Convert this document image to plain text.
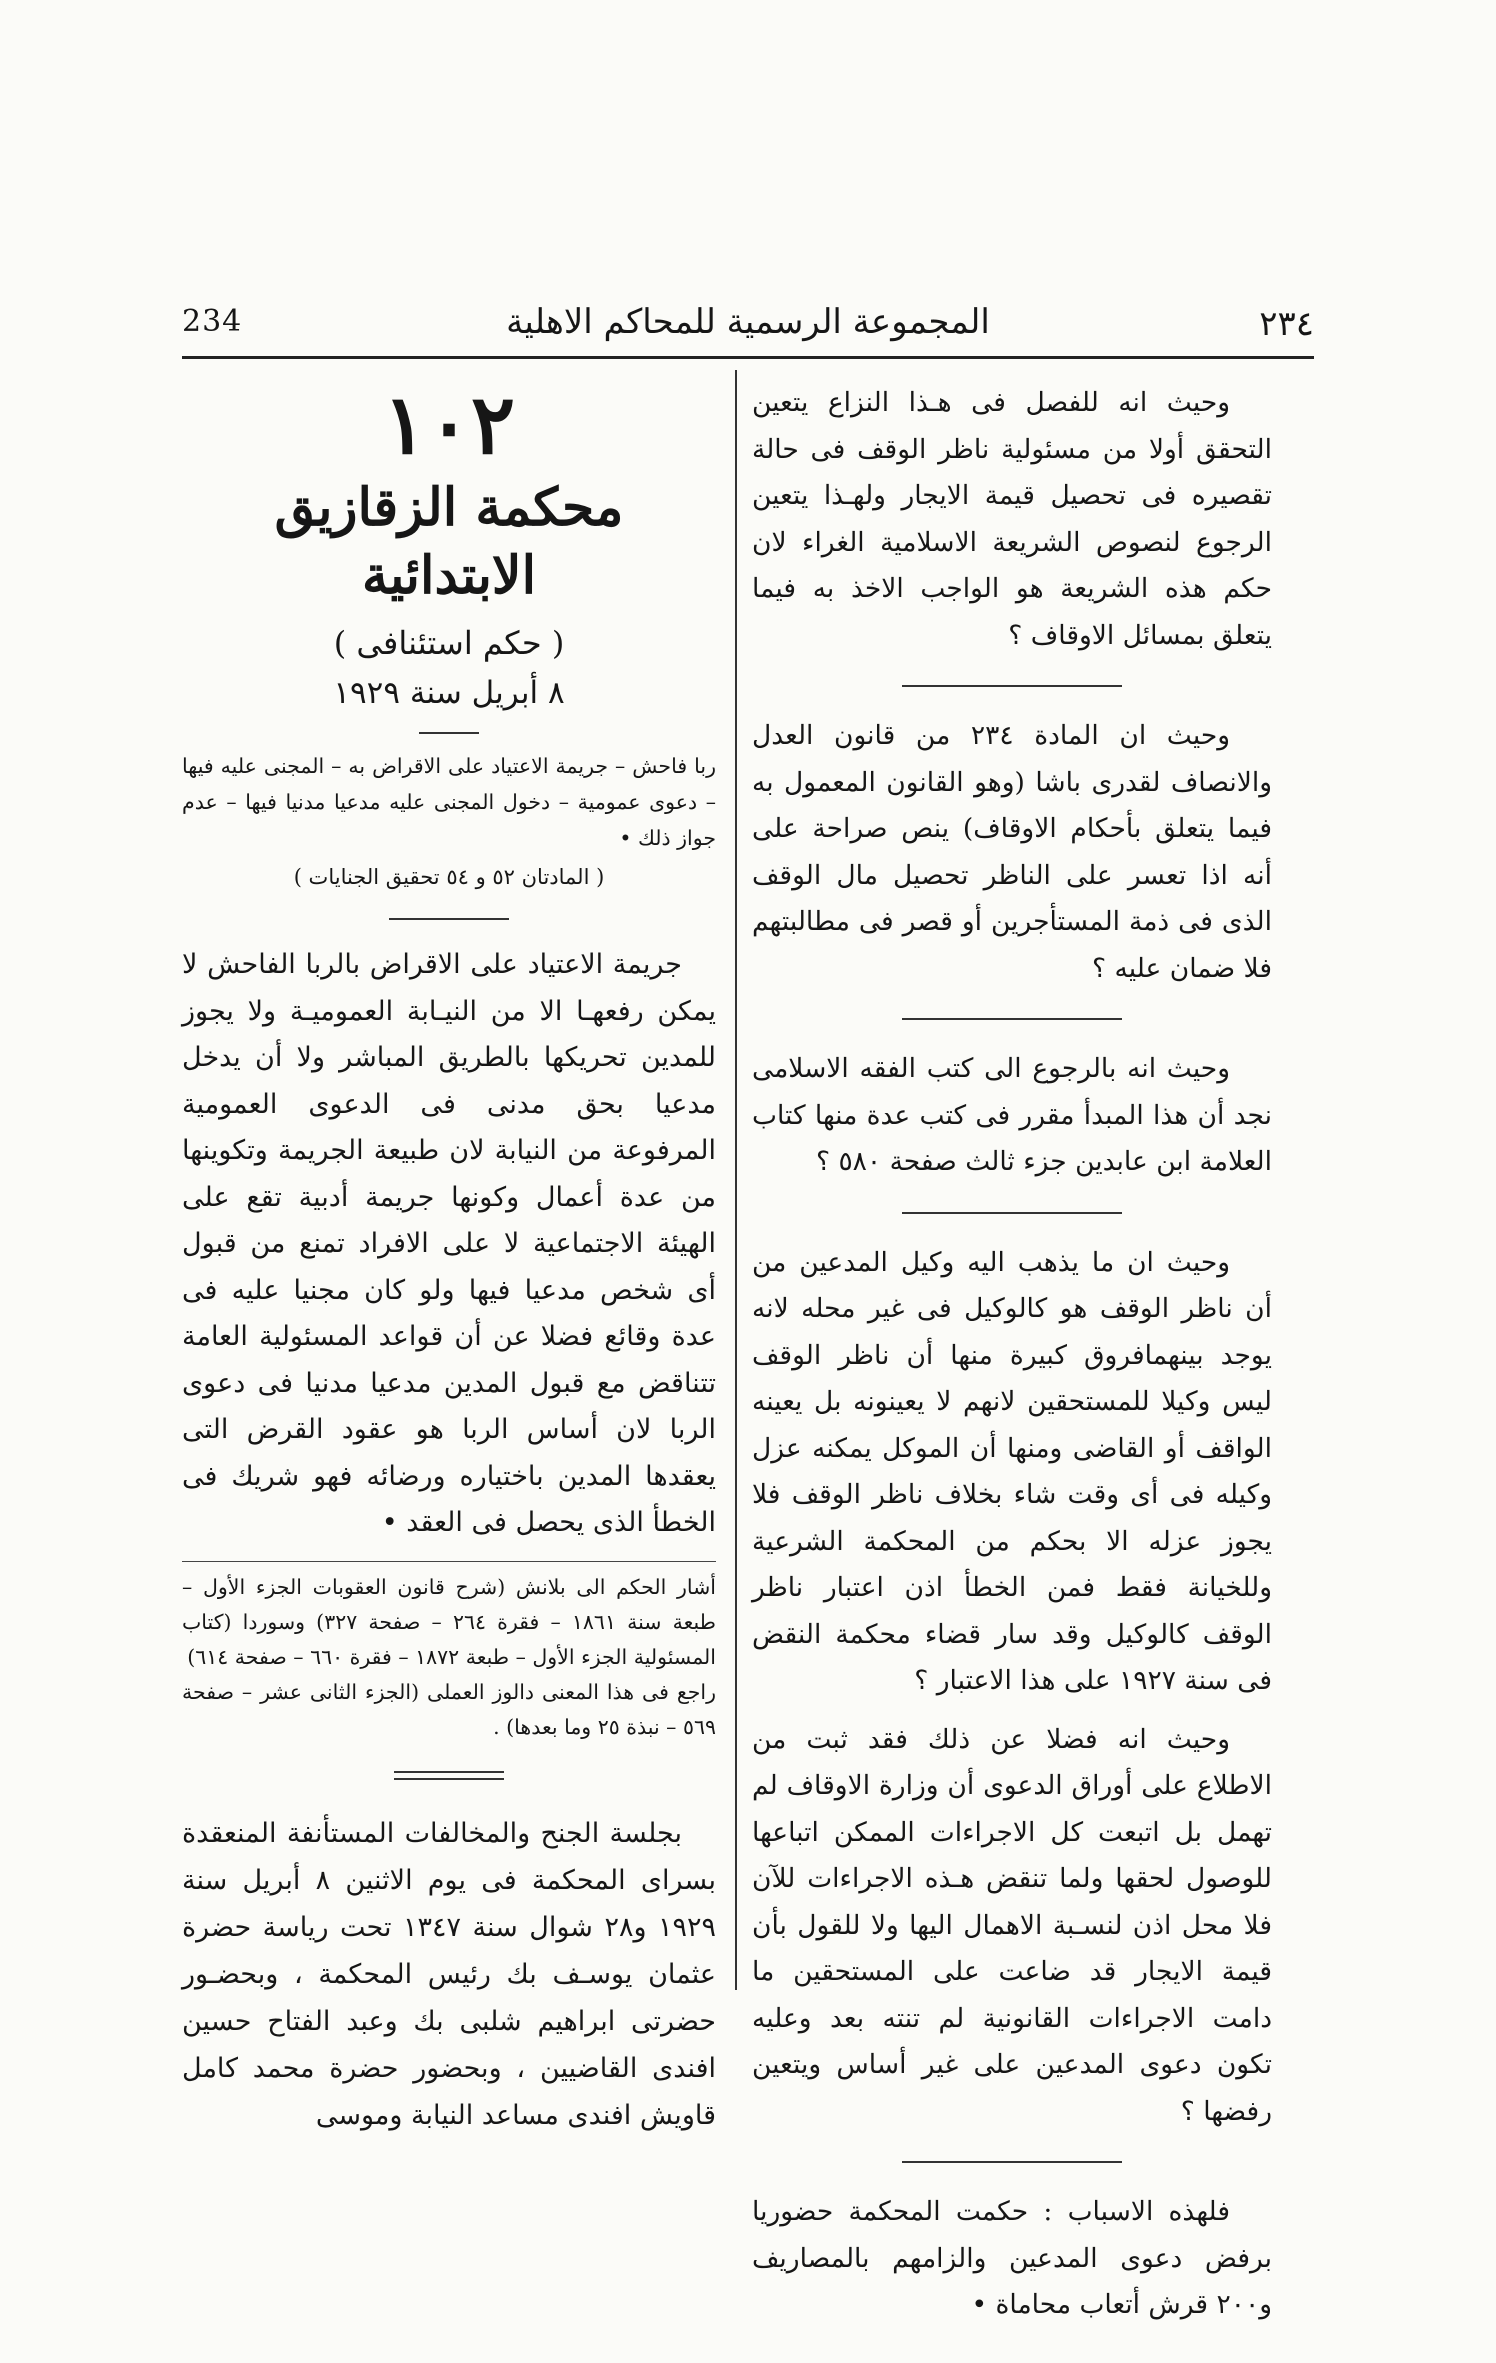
234	المجموعة الرسمية للمحاكم الاهلية	٢٣٤

وحيث انه للفصل فى هـذا النزاع يتعين التحقق أولا من مسئولية ناظر الوقف فى حالة تقصيره فى تحصيل قيمة الايجار ولهـذا يتعين الرجوع لنصوص الشريعة الاسلامية الغراء لان حكم هذه الشريعة هو الواجب الاخذ به فيما يتعلق بمسائل الاوقاف ؟

وحيث ان المادة ٢٣٤ من قانون العدل والانصاف لقدرى باشا (وهو القانون المعمول به فيما يتعلق بأحكام الاوقاف) ينص صراحة على أنه اذا تعسر على الناظر تحصيل مال الوقف الذى فى ذمة المستأجرين أو قصر فى مطالبتهم فلا ضمان عليه ؟

وحيث انه بالرجوع الى كتب الفقه الاسلامى نجد أن هذا المبدأ مقرر فى كتب عدة منها كتاب العلامة ابن عابدين جزء ثالث صفحة ٥٨٠ ؟

وحيث ان ما يذهب اليه وكيل المدعين من أن ناظر الوقف هو كالوكيل فى غير محله لانه يوجد بينهمافروق كبيرة منها أن ناظر الوقف ليس وكيلا للمستحقين لانهم لا يعينونه بل يعينه الواقف أو القاضى ومنها أن الموكل يمكنه عزل وكيله فى أى وقت شاء بخلاف ناظر الوقف فلا يجوز عزله الا بحكم من المحكمة الشرعية وللخيانة فقط فمن الخطأ اذن اعتبار ناظر الوقف كالوكيل وقد سار قضاء محكمة النقض فى سنة ١٩٢٧ على هذا الاعتبار ؟

وحيث انه فضلا عن ذلك فقد ثبت من الاطلاع على أوراق الدعوى أن وزارة الاوقاف لم تهمل بل اتبعت كل الاجراءات الممكن اتباعها للوصول لحقها ولما تنقض هـذه الاجراءات للآن فلا محل اذن لنسـبة الاهمال اليها ولا للقول بأن قيمة الايجار قد ضاعت على المستحقين ما دامت الاجراءات القانونية لم تنته بعد وعليه تكون دعوى المدعين على غير أساس ويتعين رفضها ؟

فلهذه الاسباب : حكمت المحكمة حضوريا برفض دعوى المدعين والزامهم بالمصاريف و٢٠٠ قرش أتعاب محاماة •

١٠٢

محكمة الزقازيق الابتدائية

( حكم استئنافى )

٨ أبريل سنة ١٩٢٩

ربا فاحش – جريمة الاعتياد على الاقراض به – المجنى عليه فيها – دعوى عمومية – دخول المجنى عليه مدعيا مدنيا فيها – عدم جواز ذلك •

( المادتان ٥٢ و ٥٤ تحقيق الجنايات )

جريمة الاعتياد على الاقراض بالربا الفاحش لا يمكن رفعهـا الا من النيـابة العموميـة ولا يجوز للمدين تحريكها بالطريق المباشر ولا أن يدخل مدعيا بحق مدنى فى الدعوى العمومية المرفوعة من النيابة لان طبيعة الجريمة وتكوينها من عدة أعمال وكونها جريمة أدبية تقع على الهيئة الاجتماعية لا على الافراد تمنع من قبول أى شخص مدعيا فيها ولو كان مجنيا عليه فى عدة وقائع فضلا عن أن قواعد المسئولية العامة تتناقض مع قبول المدين مدعيا مدنيا فى دعوى الربا لان أساس الربا هو عقود القرض التى يعقدها المدين باختياره ورضائه فهو شريك فى الخطأ الذى يحصل فى العقد •

أشار الحكم الى بلانش (شرح قانون العقوبات الجزء الأول – طبعة سنة ١٨٦١ – فقرة ٢٦٤ – صفحة ٣٢٧) وسوردا (كتاب المسئولية الجزء الأول – طبعة ١٨٧٢ – فقرة ٦٦٠ – صفحة ٦١٤)

راجع فى هذا المعنى دالوز العملى (الجزء الثانى عشر – صفحة ٥٦٩ – نبذة ٢٥ وما بعدها) .

بجلسة الجنح والمخالفات المستأنفة المنعقدة بسراى المحكمة فى يوم الاثنين ٨ أبريل سنة ١٩٢٩ و٢٨ شوال سنة ١٣٤٧ تحت رياسة حضرة عثمان يوسـف بك رئيس المحكمة ، وبحضـور حضرتى ابراهيم شلبى بك وعبد الفتاح حسين افندى القاضيين ، وبحضور حضرة محمد كامل قاويش افندى مساعد النيابة وموسى
